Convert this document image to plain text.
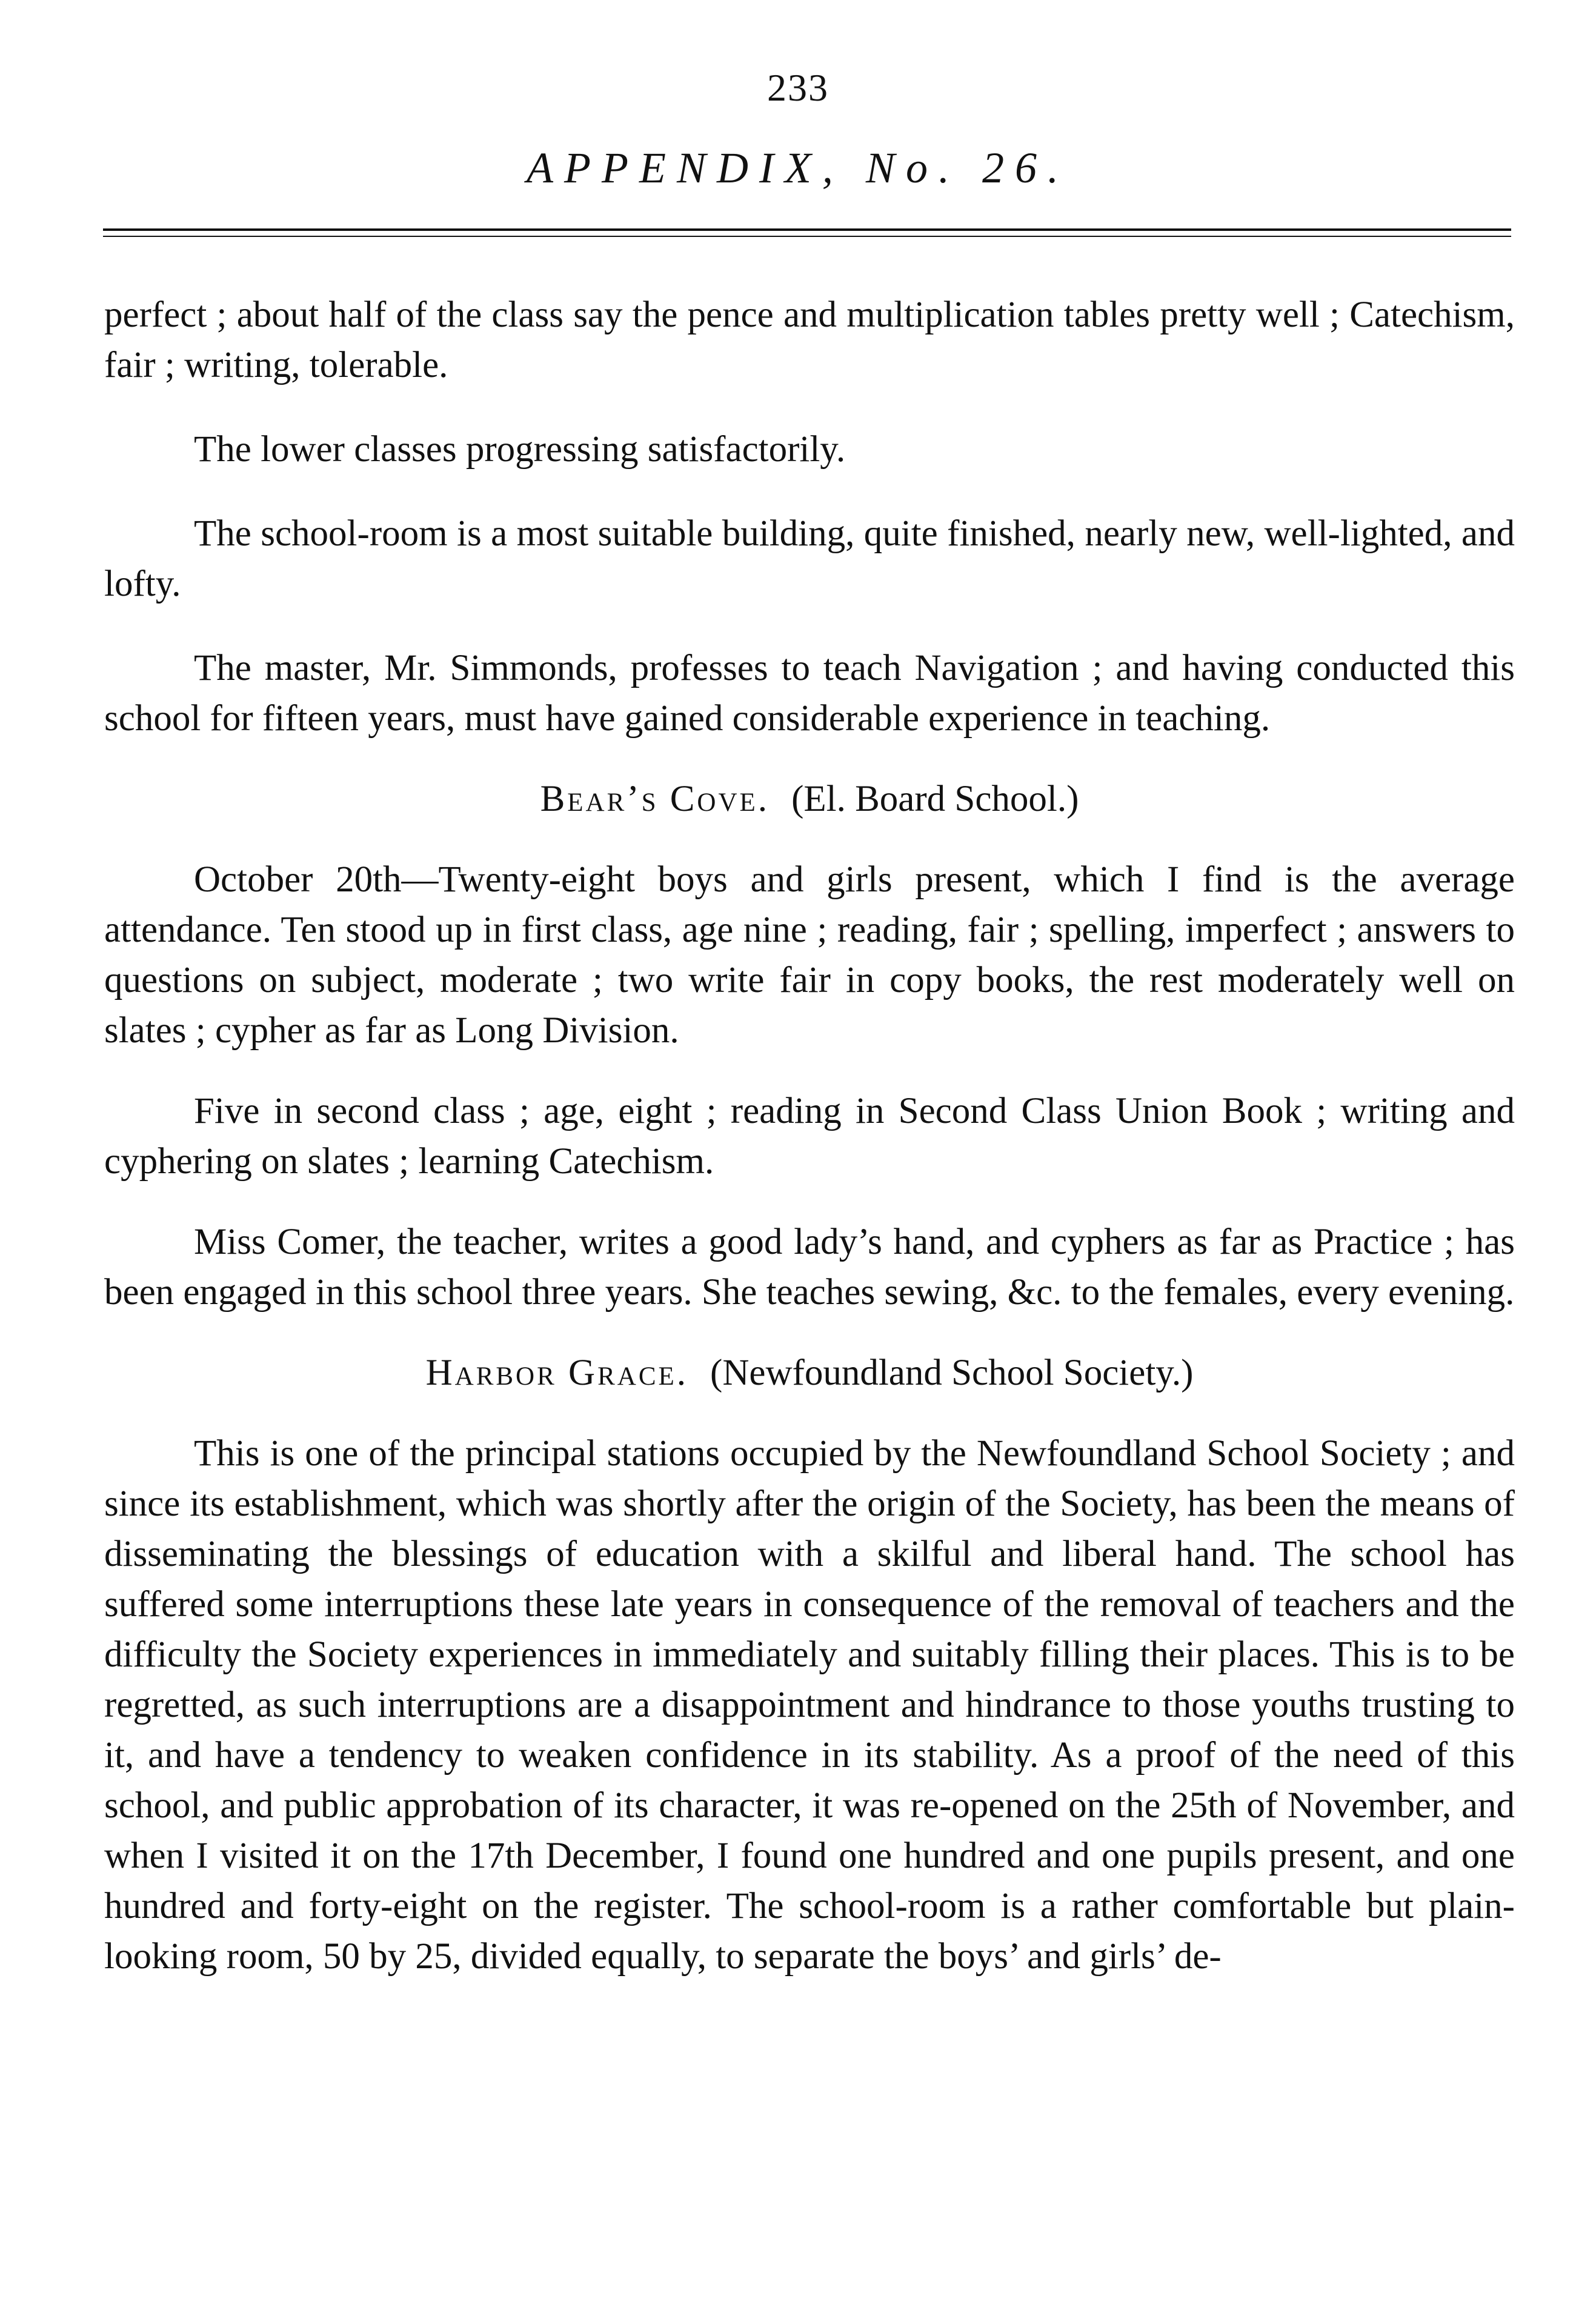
233
APPENDIX, No. 26.

perfect ; about half of the class say the pence and multiplication tables pretty well ; Catechism, fair ; writing, tolerable.

The lower classes progressing satisfactorily.

The school-room is a most suitable building, quite finished, nearly new, well-lighted, and lofty.

The master, Mr. Simmonds, professes to teach Navigation ; and having conducted this school for fifteen years, must have gained considerable experience in teaching.

Bear’s Cove. (El. Board School.)

October 20th—Twenty-eight boys and girls present, which I find is the average attendance. Ten stood up in first class, age nine ; reading, fair ; spelling, imperfect ; answers to questions on subject, moderate ; two write fair in copy books, the rest moderately well on slates ; cypher as far as Long Division.

Five in second class ; age, eight ; reading in Second Class Union Book ; writing and cyphering on slates ; learning Catechism.

Miss Comer, the teacher, writes a good lady’s hand, and cyphers as far as Practice ; has been engaged in this school three years. She teaches sewing, &c. to the females, every evening.

Harbor Grace. (Newfoundland School Society.)

This is one of the principal stations occupied by the Newfoundland School Society ; and since its establishment, which was shortly after the origin of the Society, has been the means of disseminating the blessings of education with a skilful and liberal hand. The school has suffered some interruptions these late years in consequence of the removal of teachers and the difficulty the Society experiences in immediately and suitably filling their places. This is to be regretted, as such interruptions are a disappointment and hindrance to those youths trusting to it, and have a tendency to weaken confidence in its stability. As a proof of the need of this school, and public approbation of its character, it was re-opened on the 25th of November, and when I visited it on the 17th December, I found one hundred and one pupils present, and one hundred and forty-eight on the register. The school-room is a rather comfortable but plain-looking room, 50 by 25, divided equally, to separate the boys’ and girls’ de-
